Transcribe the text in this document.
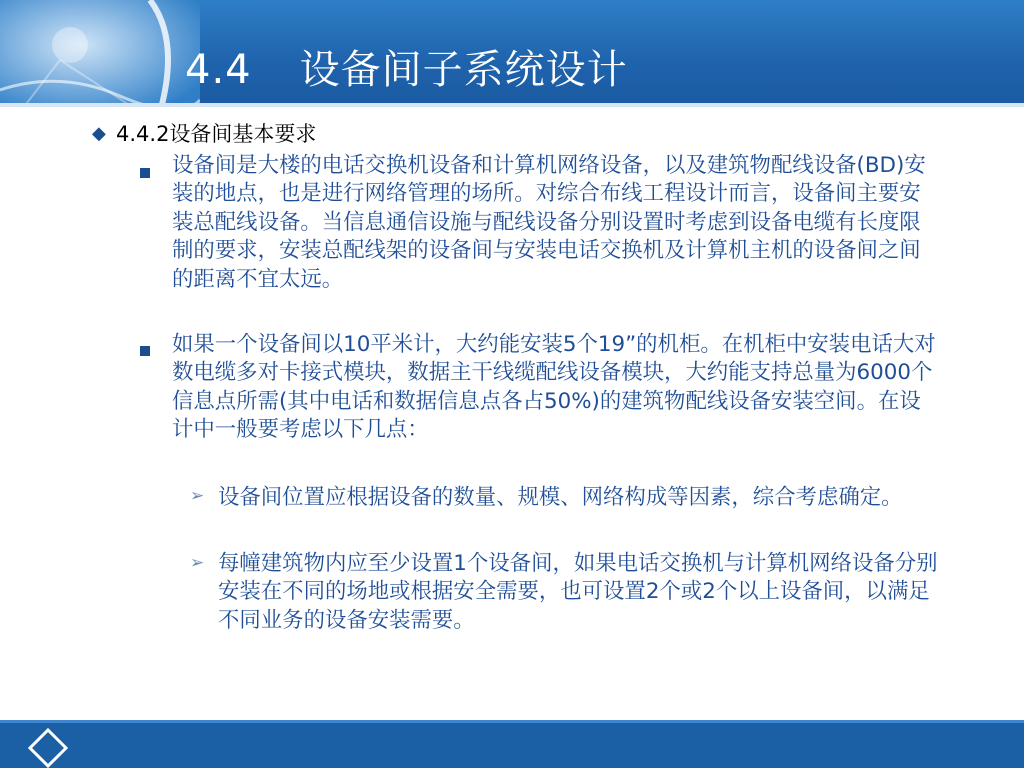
4.4 设备间子系统设计
◆ 4.4.2设备间基本要求
设备间是大楼的电话交换机设备和计算机网络设备，以及建筑物配线设备(BD)安装的地点，也是进行网络管理的场所。对综合布线工程设计而言，设备间主要安装总配线设备。当信息通信设施与配线设备分别设置时考虑到设备电缆有长度限制的要求，安装总配线架的设备间与安装电话交换机及计算机主机的设备间之间的距离不宜太远。
如果一个设备间以10平米计，大约能安装5个19”的机柜。在机柜中安装电话大对数电缆多对卡接式模块，数据主干线缆配线设备模块，大约能支持总量为6000个信息点所需(其中电话和数据信息点各占50%)的建筑物配线设备安装空间。在设计中一般要考虑以下几点：
➢ 设备间位置应根据设备的数量、规模、网络构成等因素，综合考虑确定。
➢ 每幢建筑物内应至少设置1个设备间，如果电话交换机与计算机网络设备分别安装在不同的场地或根据安全需要，也可设置2个或2个以上设备间，以满足不同业务的设备安装需要。
